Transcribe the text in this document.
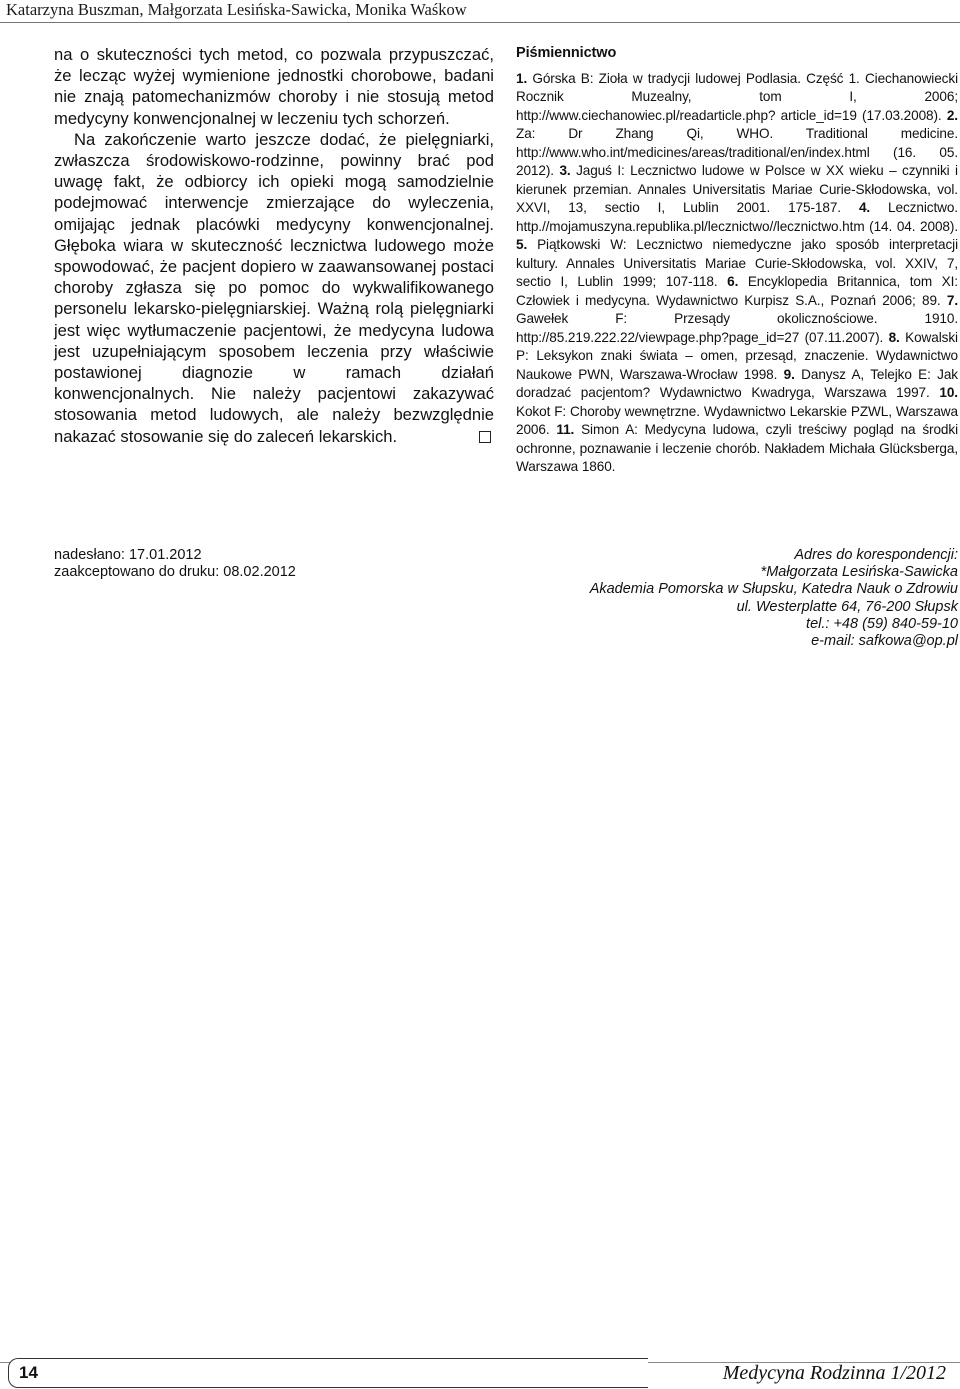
Katarzyna Buszman, Małgorzata Lesińska-Sawicka, Monika Waśkow

na o skuteczności tych metod, co pozwala przypuszczać, że lecząc wyżej wymienione jednostki chorobowe, badani nie znają patomechanizmów choroby i nie stosują metod medycyny konwencjonalnej w leczeniu tych schorzeń.

Na zakończenie warto jeszcze dodać, że pielęgniarki, zwłaszcza środowiskowo-rodzinne, powinny brać pod uwagę fakt, że odbiorcy ich opieki mogą samodzielnie podejmować interwencje zmierzające do wyleczenia, omijając jednak placówki medycyny konwencjonalnej. Głęboka wiara w skuteczność lecznictwa ludowego może spowodować, że pacjent dopiero w zaawansowanej postaci choroby zgłasza się po pomoc do wykwalifikowanego personelu lekarsko-pielęgniarskiej. Ważną rolą pielęgniarki jest więc wytłumaczenie pacjentowi, że medycyna ludowa jest uzupełniającym sposobem leczenia przy właściwie postawionej diagnozie w ramach działań konwencjonalnych. Nie należy pacjentowi zakazywać stosowania metod ludowych, ale należy bezwzględnie nakazać stosowanie się do zaleceń lekarskich.

Piśmiennictwo

1. Górska B: Zioła w tradycji ludowej Podlasia. Część 1. Ciechanowiecki Rocznik Muzealny, tom I, 2006; http://www.ciechanowiec.pl/readarticle.php? article_id=19 (17.03.2008). 2. Za: Dr Zhang Qi, WHO. Traditional medicine. http://www.who.int/medicines/areas/traditional/en/index.html (16. 05. 2012). 3. Jaguś I: Lecznictwo ludowe w Polsce w XX wieku – czynniki i kierunek przemian. Annales Universitatis Mariae Curie-Skłodowska, vol. XXVI, 13, sectio I, Lublin 2001. 175-187. 4. Lecznictwo. http.//mojamuszyna.republika.pl/lecznictwo//lecznictwo.htm (14. 04. 2008). 5. Piątkowski W: Lecznictwo niemedyczne jako sposób interpretacji kultury. Annales Universitatis Mariae Curie-Skłodowska, vol. XXIV, 7, sectio I, Lublin 1999; 107-118. 6. Encyklopedia Britannica, tom XI: Człowiek i medycyna. Wydawnictwo Kurpisz S.A., Poznań 2006; 89. 7. Gawełek F: Przesądy okolicznościowe. 1910. http://85.219.222.22/viewpage.php?page_id=27 (07.11.2007). 8. Kowalski P: Leksykon znaki świata – omen, przesąd, znaczenie. Wydawnictwo Naukowe PWN, Warszawa-Wrocław 1998. 9. Danysz A, Telejko E: Jak doradzać pacjentom? Wydawnictwo Kwadryga, Warszawa 1997. 10. Kokot F: Choroby wewnętrzne. Wydawnictwo Lekarskie PZWL, Warszawa 2006. 11. Simon A: Medycyna ludowa, czyli treściwy pogląd na środki ochronne, poznawanie i leczenie chorób. Nakładem Michała Glücksberga, Warszawa 1860.

nadesłano: 17.01.2012
zaakceptowano do druku: 08.02.2012
Adres do korespondencji:
*Małgorzata Lesińska-Sawicka
Akademia Pomorska w Słupsku, Katedra Nauk o Zdrowiu
ul. Westerplatte 64, 76-200 Słupsk
tel.: +48 (59) 840-59-10
e-mail: safkowa@op.pl
14	Medycyna Rodzinna 1/2012
